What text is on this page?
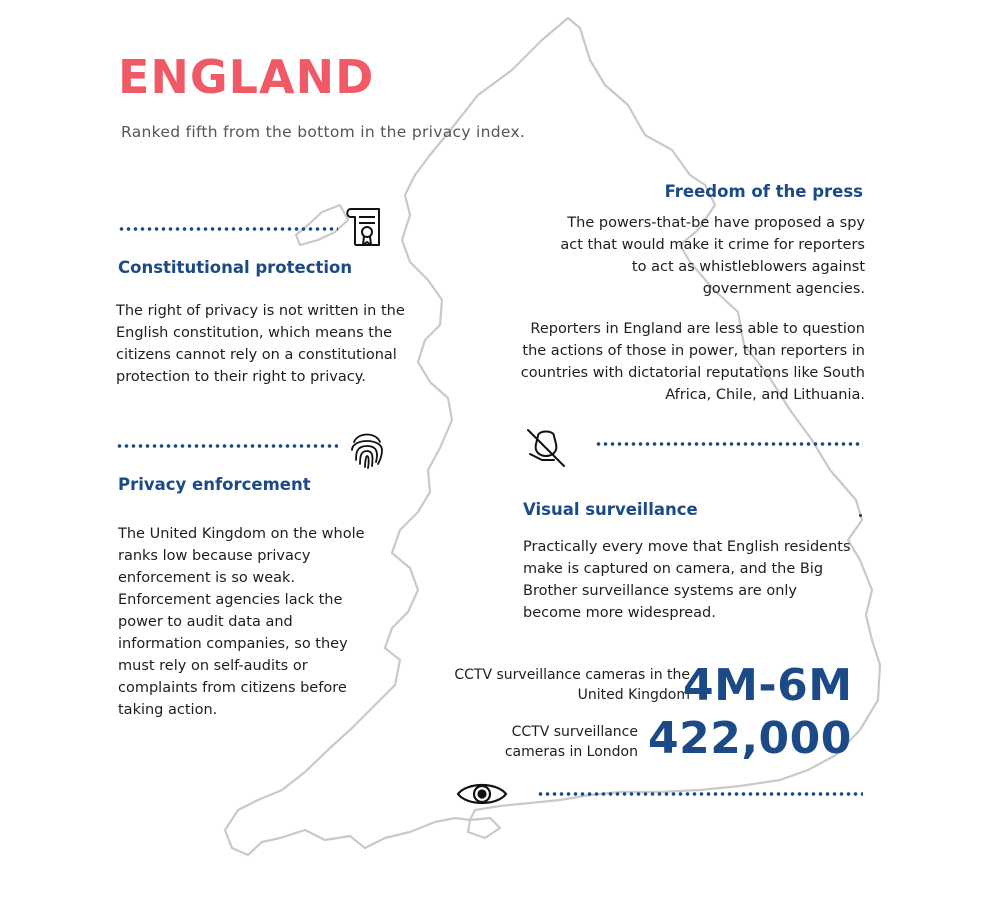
ENGLAND
Ranked fifth from the bottom in the privacy index.
Constitutional protection

The right of privacy is not written in the English constitution, which means the citizens cannot rely on a constitutional protection to their right to privacy.

Privacy enforcement

The United Kingdom on the whole ranks low because privacy enforcement is so weak. Enforcement agencies lack the power to audit data and information companies, so they must rely on self-audits or complaints from citizens before taking action.

Freedom of the press

The powers-that-be have proposed a spy act that would make it crime for reporters to act as whistleblowers against government agencies.

Reporters in England are less able to question the actions of those in power, than reporters in countries with dictatorial reputations like South Africa, Chile, and Lithuania.

Visual surveillance

Practically every move that English residents make is captured on camera, and the Big Brother surveillance systems are only become more widespread.

CCTV surveillance cameras in the United Kingdom
4M-6M
CCTV surveillance cameras in London 422,000
